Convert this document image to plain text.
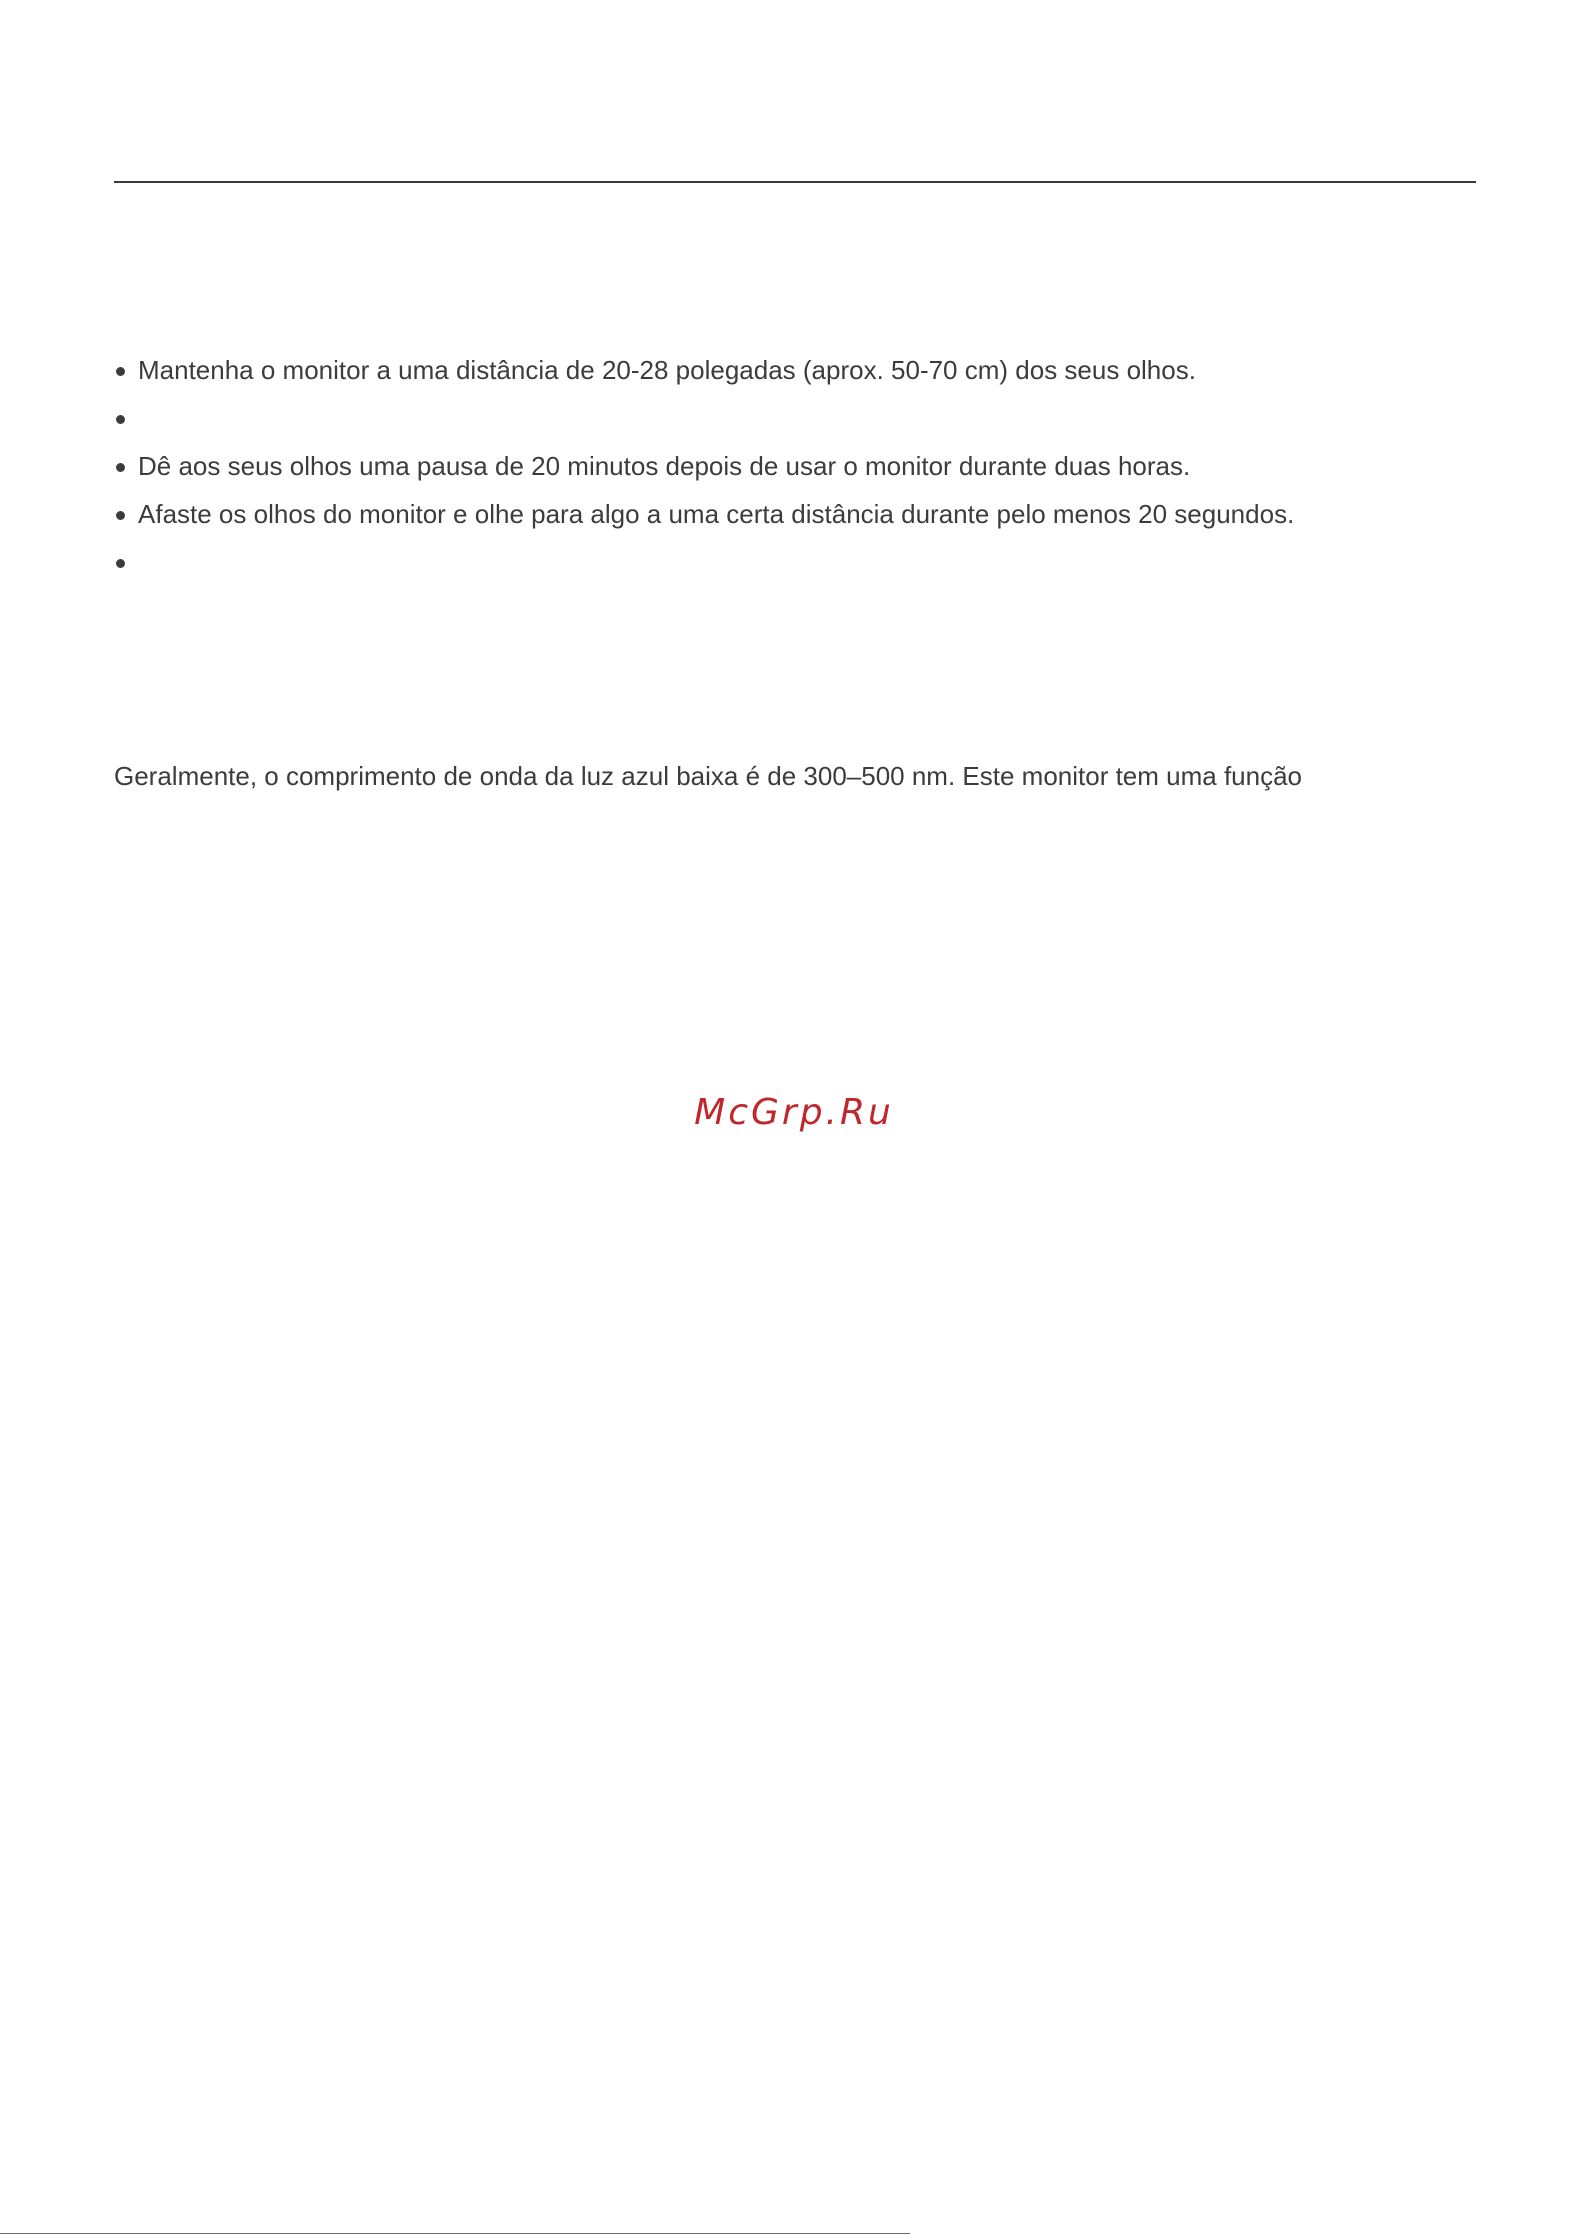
Mantenha o monitor a uma distância de 20-28 polegadas (aprox. 50-70 cm) dos seus olhos.
Dê aos seus olhos uma pausa de 20 minutos depois de usar o monitor durante duas horas.
Afaste os olhos do monitor e olhe para algo a uma certa distância durante pelo menos 20 segundos.

Geralmente, o comprimento de onda da luz azul baixa é de 300–500 nm. Este monitor tem uma função

McGrp.Ru
